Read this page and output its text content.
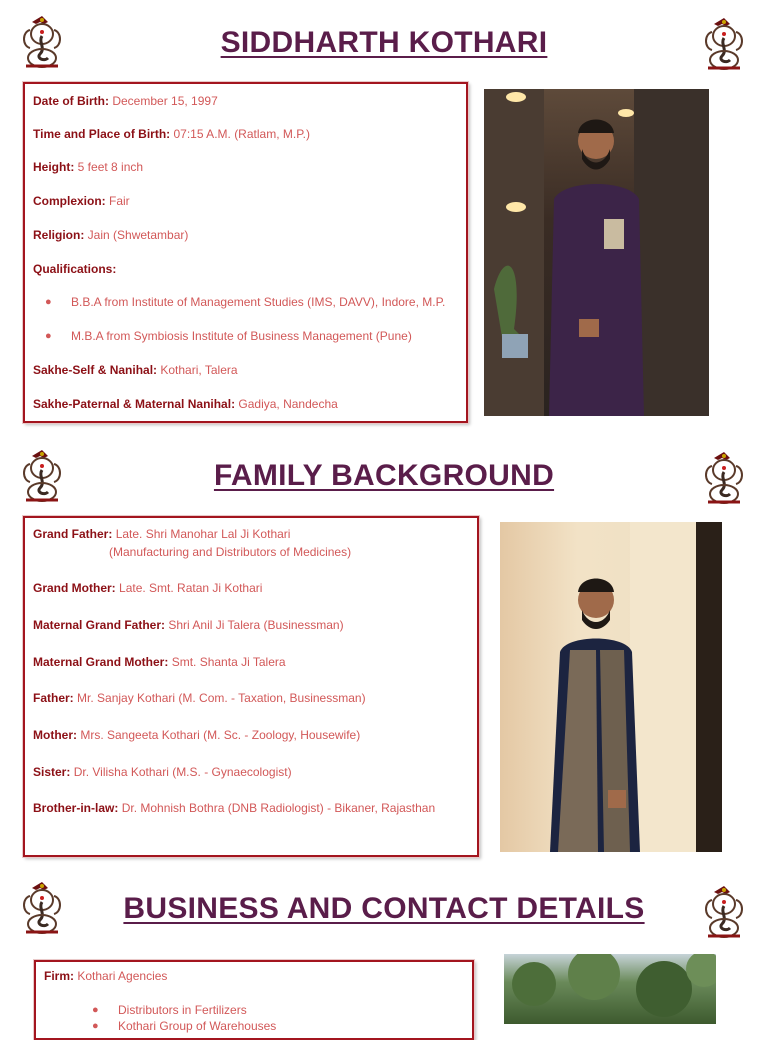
SIDDHARTH KOTHARI
Date of Birth: December 15, 1997
Time and Place of Birth: 07:15 A.M. (Ratlam, M.P.)
Height: 5 feet 8 inch
Complexion: Fair
Religion: Jain (Shwetambar)
Qualifications:
● B.B.A from Institute of Management Studies (IMS, DAVV), Indore, M.P.
● M.B.A from Symbiosis Institute of Business Management (Pune)
Sakhe-Self & Nanihal: Kothari, Talera
Sakhe-Paternal & Maternal Nanihal: Gadiya, Nandecha
FAMILY BACKGROUND
Grand Father: Late. Shri Manohar Lal Ji Kothari
(Manufacturing and Distributors of Medicines)
Grand Mother: Late. Smt. Ratan Ji Kothari
Maternal Grand Father: Shri Anil Ji Talera (Businessman)
Maternal Grand Mother: Smt. Shanta Ji Talera
Father: Mr. Sanjay Kothari (M. Com. - Taxation, Businessman)
Mother: Mrs. Sangeeta Kothari (M. Sc. - Zoology, Housewife)
Sister: Dr. Vilisha Kothari (M.S. - Gynaecologist)
Brother-in-law: Dr. Mohnish Bothra (DNB Radiologist) - Bikaner, Rajasthan
BUSINESS AND CONTACT DETAILS
Firm: Kothari Agencies
● Distributors in Fertilizers
● Kothari Group of Warehouses
